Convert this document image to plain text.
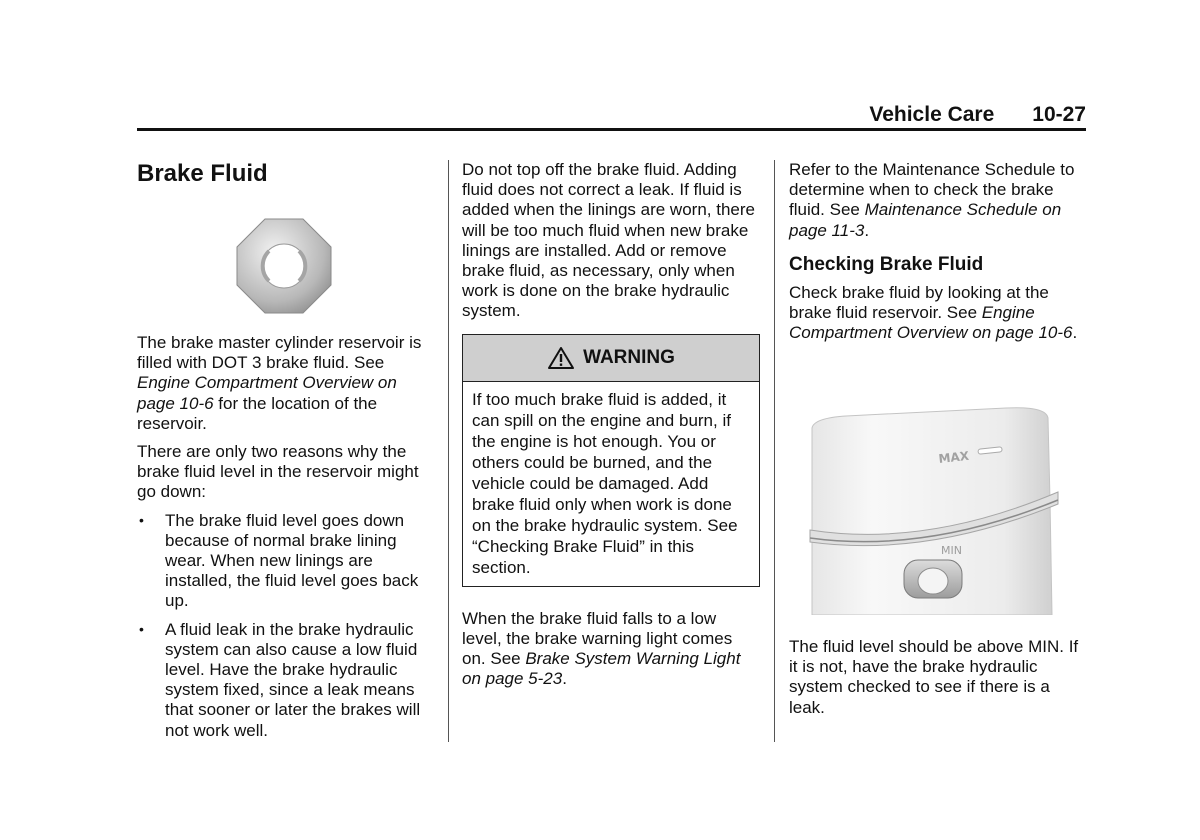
Vehicle Care 10-27
Brake Fluid

The brake master cylinder reservoir is filled with DOT 3 brake fluid. See Engine Compartment Overview on page 10-6 for the location of the reservoir.

There are only two reasons why the brake fluid level in the reservoir might go down:

• The brake fluid level goes down because of normal brake lining wear. When new linings are installed, the fluid level goes back up.
• A fluid leak in the brake hydraulic system can also cause a low fluid level. Have the brake hydraulic system fixed, since a leak means that sooner or later the brakes will not work well.

Do not top off the brake fluid. Adding fluid does not correct a leak. If fluid is added when the linings are worn, there will be too much fluid when new brake linings are installed. Add or remove brake fluid, as necessary, only when work is done on the brake hydraulic system.

WARNING
If too much brake fluid is added, it can spill on the engine and burn, if the engine is hot enough. You or others could be burned, and the vehicle could be damaged. Add brake fluid only when work is done on the brake hydraulic system. See “Checking Brake Fluid” in this section.

When the brake fluid falls to a low level, the brake warning light comes on. See Brake System Warning Light on page 5-23.

Refer to the Maintenance Schedule to determine when to check the brake fluid. See Maintenance Schedule on page 11-3.

Checking Brake Fluid

Check brake fluid by looking at the brake fluid reservoir. See Engine Compartment Overview on page 10-6.

MAX
MIN

The fluid level should be above MIN. If it is not, have the brake hydraulic system checked to see if there is a leak.
